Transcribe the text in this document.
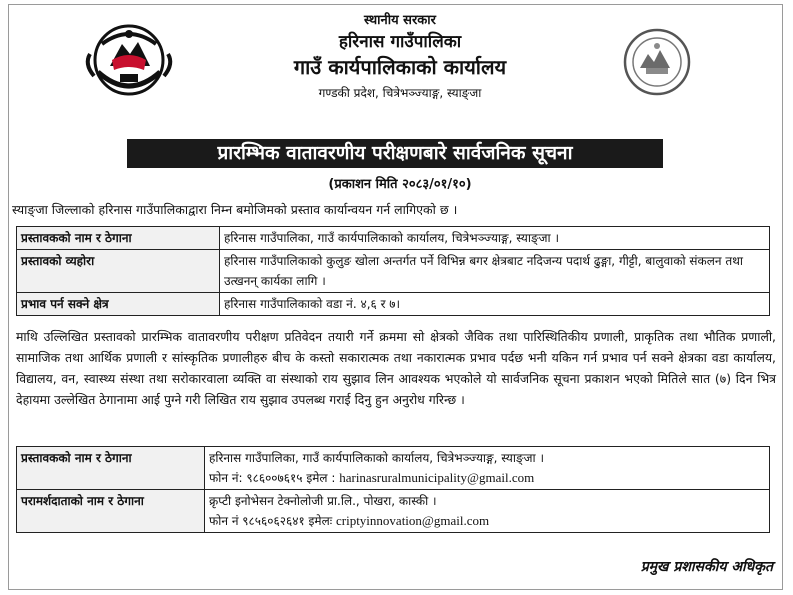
स्थानीय सरकार
हरिनास गाउँपालिका
गाउँ कार्यपालिकाको कार्यालय
गण्डकी प्रदेश, चित्रेभञ्ज्याङ्ग, स्याङ्जा
प्रारम्भिक वातावरणीय परीक्षणबारे सार्वजनिक सूचना
(प्रकाशन मिति २०८३/०१/१०)
स्याङ्जा जिल्लाको हरिनास गाउँपालिकाद्वारा निम्न बमोजिमको प्रस्ताव कार्यान्वयन गर्न लागिएको छ ।
प्रस्तावकको नाम र ठेगाना	हरिनास गाउँपालिका, गाउँ कार्यपालिकाको कार्यालय, चित्रेभञ्ज्याङ्ग, स्याङ्जा ।
प्रस्तावको व्यहोरा	हरिनास गाउँपालिकाको कुलुङ खोला अन्तर्गत पर्ने विभिन्न बगर क्षेत्रबाट नदिजन्य पदार्थ ढुङ्गा, गीट्टी, बालुवाको संकलन तथा उत्खनन् कार्यका लागि ।
प्रभाव पर्न सक्ने क्षेत्र	हरिनास गाउँपालिकाको वडा नं. ४,६ र ७।
माथि उल्लिखित प्रस्तावको प्रारम्भिक वातावरणीय परीक्षण प्रतिवेदन तयारी गर्ने क्रममा सो क्षेत्रको जैविक तथा पारिस्थितिकीय प्रणाली, प्राकृतिक तथा भौतिक प्रणाली, सामाजिक तथा आर्थिक प्रणाली र सांस्कृतिक प्रणालीहरु बीच के कस्तो सकारात्मक तथा नकारात्मक प्रभाव पर्दछ भनी यकिन गर्न प्रभाव पर्न सक्ने क्षेत्रका वडा कार्यालय, विद्यालय, वन, स्वास्थ्य संस्था तथा सरोकारवाला व्यक्ति वा संस्थाको राय सुझाव लिन आवश्यक भएकोले यो सार्वजनिक सूचना प्रकाशन भएको मितिले सात (७) दिन भित्र देहायमा उल्लेखित ठेगानामा आई पुग्ने गरी लिखित राय सुझाव उपलब्ध गराई दिनु हुन अनुरोध गरिन्छ ।
प्रस्तावकको नाम र ठेगाना	हरिनास गाउँपालिका, गाउँ कार्यपालिकाको कार्यालय, चित्रेभञ्ज्याङ्ग, स्याङ्जा ।
फोन नं: ९८६००७६१५ इमेल : harinasruralmunicipality@gmail.com

परामर्शदाताको नाम र ठेगाना	क्रृप्टी इनोभेसन टेक्नोलोजी प्रा.लि., पोखरा, कास्की ।
फोन नं ९८५६०६२६४१ इमेलः criptyinnovation@gmail.com
प्रमुख प्रशासकीय अधिकृत
